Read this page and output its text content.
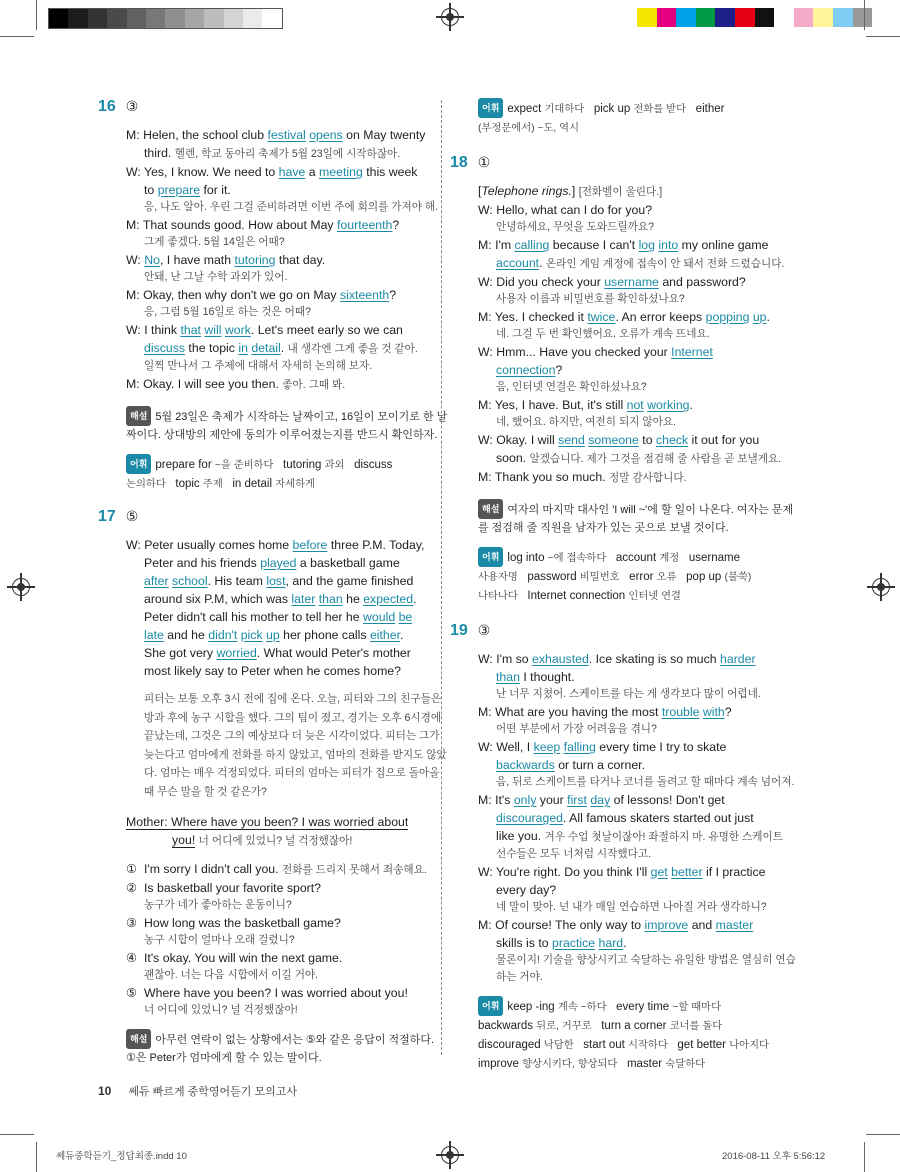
16 ③
M: Helen, the school club festival opens on May twenty
third. 헬렌, 학교 동아리 축제가 5월 23일에 시작하잖아.
W: Yes, I know. We need to have a meeting this week
to prepare for it.
응, 나도 알아. 우린 그걸 준비하려면 이번 주에 회의를 가져야 해.
M: That sounds good. How about May fourteenth?
그게 좋겠다. 5월 14일은 어때?
W: No, I have math tutoring that day.
안돼, 난 그날 수학 과외가 있어.
M: Okay, then why don't we go on May sixteenth?
응, 그럼 5월 16일로 하는 것은 어때?
W: I think that will work. Let's meet early so we can
discuss the topic in detail. 내 생각엔 그게 좋을 것 같아.
일찍 만나서 그 주제에 대해서 자세히 논의해 보자.
M: Okay. I will see you then. 좋아. 그때 봐.
해설 5월 23일은 축제가 시작하는 날짜이고, 16일이 모이기로 한 날
짜이다. 상대방의 제안에 동의가 이루어졌는지를 반드시 확인하자.
어휘 prepare for ~을 준비하다   tutoring 과외   discuss
논의하다   topic 주제   in detail 자세하게
17 ⑤
W: Peter usually comes home before three P.M. Today,
Peter and his friends played a basketball game
after school. His team lost, and the game finished
around six P.M, which was later than he expected.
Peter didn't call his mother to tell her he would be
late and he didn't pick up her phone calls either.
She got very worried. What would Peter's mother
most likely say to Peter when he comes home?
피터는 보통 오후 3시 전에 집에 온다. 오늘, 피터와 그의 친구들은
방과 후에 농구 시합을 했다. 그의 팀이 졌고, 경기는 오후 6시경에
끝났는데, 그것은 그의 예상보다 더 늦은 시각이었다. 피터는 그가
늦는다고 엄마에게 전화를 하지 않았고, 엄마의 전화를 받지도 않았
다. 엄마는 매우 걱정되었다. 피터의 엄마는 피터가 집으로 돌아올
때 무슨 말을 할 것 같은가?
Mother: Where have you been? I was worried about
you! 너 어디에 있었니? 널 걱정했잖아!
① I'm sorry I didn't call you. 전화를 드리지 못해서 죄송해요.
② Is basketball your favorite sport?
농구가 네가 좋아하는 운동이니?
③ How long was the basketball game?
농구 시합이 얼마나 오래 걸렸니?
④ It's okay. You will win the next game.
괜찮아. 너는 다음 시합에서 이길 거야.
⑤ Where have you been? I was worried about you!
너 어디에 있었니? 널 걱정했잖아!
해설 아무런 연락이 없는 상황에서는 ⑤와 같은 응답이 적절하다.
①은 Peter가 엄마에게 할 수 있는 말이다.
어휘 expect 기대하다   pick up 전화를 받다   either
(부정문에서) ~도, 역시
18 ①
[Telephone rings.] [전화벨이 울린다.]
W: Hello, what can I do for you?
안녕하세요, 무엇을 도와드릴까요?
M: I'm calling because I can't log into my online game
account. 온라인 게임 계정에 접속이 안 돼서 전화 드렸습니다.
W: Did you check your username and password?
사용자 이름과 비밀번호를 확인하셨나요?
M: Yes. I checked it twice. An error keeps popping up.
네. 그걸 두 번 확인했어요. 오류가 계속 뜨네요.
W: Hmm... Have you checked your Internet
connection?
음, 인터넷 연결은 확인하셨나요?
M: Yes, I have. But, it's still not working.
네, 했어요. 하지만, 여전히 되지 않아요.
W: Okay. I will send someone to check it out for you
soon. 알겠습니다. 제가 그것을 점검해 줄 사람을 곧 보낼게요.
M: Thank you so much. 정말 감사합니다.
해설 여자의 마지막 대사인 'I will ~'에 할 일이 나온다. 여자는 문제
를 점검해 줄 직원을 남자가 있는 곳으로 보낼 것이다.
어휘 log into ~에 접속하다   account 계정   username
사용자명   password 비밀번호   error 오류   pop up (불쑥)
나타나다   Internet connection 인터넷 연결
19 ③
W: I'm so exhausted. Ice skating is so much harder
than I thought.
난 너무 지쳤어. 스케이트를 타는 게 생각보다 많이 어렵네.
M: What are you having the most trouble with?
어떤 부분에서 가장 어려움을 겪니?
W: Well, I keep falling every time I try to skate
backwards or turn a corner.
음, 뒤로 스케이트를 타거나 코너를 돌려고 할 때마다 계속 넘어져.
M: It's only your first day of lessons! Don't get
discouraged. All famous skaters started out just
like you. 겨우 수업 첫날이잖아! 좌절하지 마. 유명한 스케이트
선수들은 모두 너처럼 시작했다고.
W: You're right. Do you think I'll get better if I practice
every day?
네 말이 맞아. 넌 내가 매일 연습하면 나아질 거라 생각하니?
M: Of course! The only way to improve and master
skills is to practice hard.
물론이지! 기술을 향상시키고 숙달하는 유일한 방법은 열심히 연습
하는 거야.
어휘 keep -ing 계속 ~하다   every time ~할 때마다
backwards 뒤로, 거꾸로   turn a corner 코너를 돌다
discouraged 낙담한   start out 시작하다   get better 나아지다
improve 향상시키다, 향상되다   master 숙달하다
10 쎄듀 빠르게 중학영어듣기 모의고사
쎄듀중학듣기_정답최종.indd 10	2016-08-11 오후 5:56:12
